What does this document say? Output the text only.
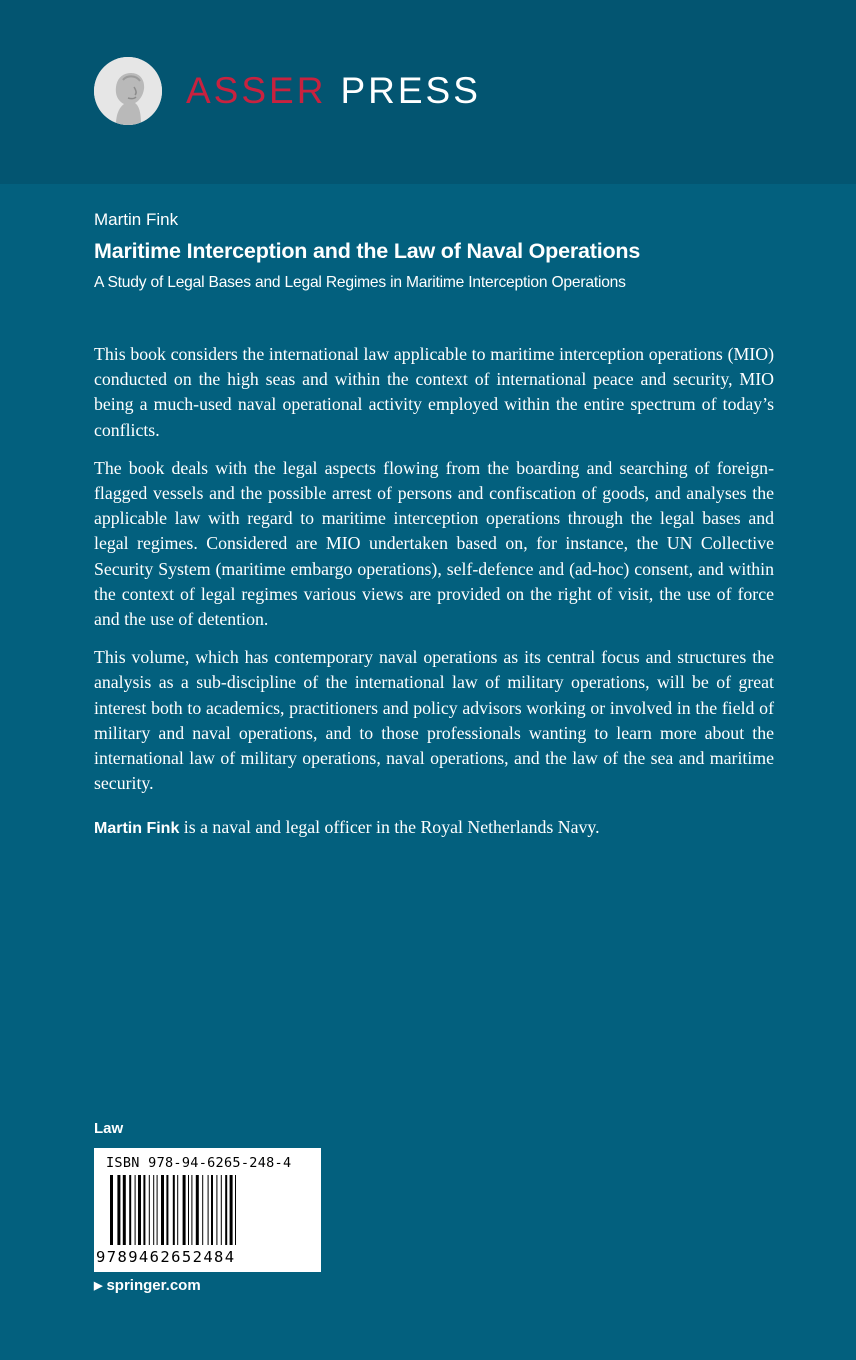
ASSER PRESS
Martin Fink
Maritime Interception and the Law of Naval Operations
A Study of Legal Bases and Legal Regimes in Maritime Interception Operations

This book considers the international law applicable to maritime interception operations (MIO) conducted on the high seas and within the context of international peace and security, MIO being a much-used naval operational activity employed within the entire spectrum of today’s conflicts.

The book deals with the legal aspects flowing from the boarding and searching of foreign-flagged vessels and the possible arrest of persons and confiscation of goods, and analyses the applicable law with regard to maritime interception operations through the legal bases and legal regimes. Considered are MIO undertaken based on, for instance, the UN Collective Security System (maritime embargo operations), self-defence and (ad-hoc) consent, and within the context of legal regimes various views are provided on the right of visit, the use of force and the use of detention.

This volume, which has contemporary naval operations as its central focus and structures the analysis as a sub-discipline of the international law of military operations, will be of great interest both to academics, practitioners and policy advisors working or involved in the field of military and naval operations, and to those professionals wanting to learn more about the international law of military operations, naval operations, and the law of the sea and maritime security.

Martin Fink is a naval and legal officer in the Royal Netherlands Navy.
Law
ISBN 978-94-6265-248-4
9789462652484
▶ springer.com
